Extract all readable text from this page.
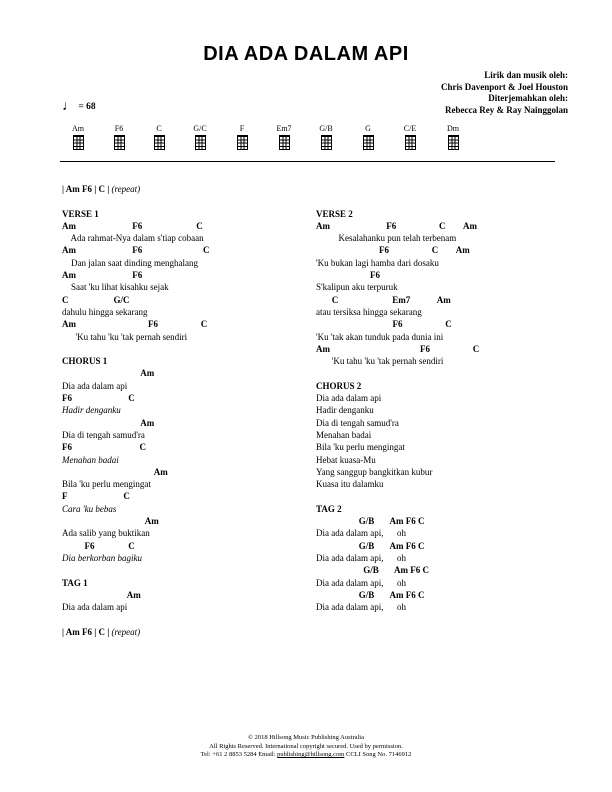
DIA ADA DALAM API
Lirik dan musik oleh:
Chris Davenport & Joel Houston
Diterjemahkan oleh:
Rebecca Rey & Ray Nainggolan
♩ = 68
Am	F6	C	G/C	F	Em7	G/B	G	C/E	Dm
| Am F6 | C | (repeat)
VERSE 1
Am                         F6                        C
Ada rahmat-Nya dalam s'tiap cobaan
Am                         F6                           C
Dan jalan saat dinding menghalang
Am                         F6
Saat 'ku lihat kisahku sejak
C                    G/C
dahulu hingga sekarang
Am                                F6                   C
'Ku tahu 'ku 'tak pernah sendiri
CHORUS 1
Am
Dia ada dalam api
F6                         C
Hadir denganku
Am
Dia di tengah samud'ra
F6                              C
Menahan badai
Am
Bila 'ku perlu mengingat
F                         C
Cara 'ku bebas
Am
Ada salib yang buktikan
F6               C
Dia berkorban bagiku
TAG 1
Am
Dia ada dalam api
| Am F6 | C | (repeat)
VERSE 2
Am                         F6                   C        Am
Kesalahanku pun telah terbenam
F6                   C        Am
'Ku bukan lagi hamba dari dosaku
F6
S'kalipun aku terpuruk
C                        Em7            Am
atau tersiksa hingga sekarang
F6                   C
'Ku 'tak akan tunduk pada dunia ini
Am                                        F6                   C
'Ku tahu 'ku 'tak pernah sendiri
CHORUS 2
Dia ada dalam api
Hadir denganku
Dia di tengah samud'ra
Menahan badai
Bila 'ku perlu mengingat
Hebat kuasa-Mu
Yang sanggup bangkitkan kubur
Kuasa itu dalamku
TAG 2
G/B       Am F6 C
Dia ada dalam api,      oh
G/B       Am F6 C
Dia ada dalam api,      oh
G/B       Am F6 C
Dia ada dalam api,      oh
G/B       Am F6 C
Dia ada dalam api,      oh
© 2018 Hillsong Music Publishing Australia
All Rights Reserved. International copyright secured. Used by permission.
Tel: +61 2 8853 5284 Email: publishing@hillsong.com CCLI Song No. 7146912
